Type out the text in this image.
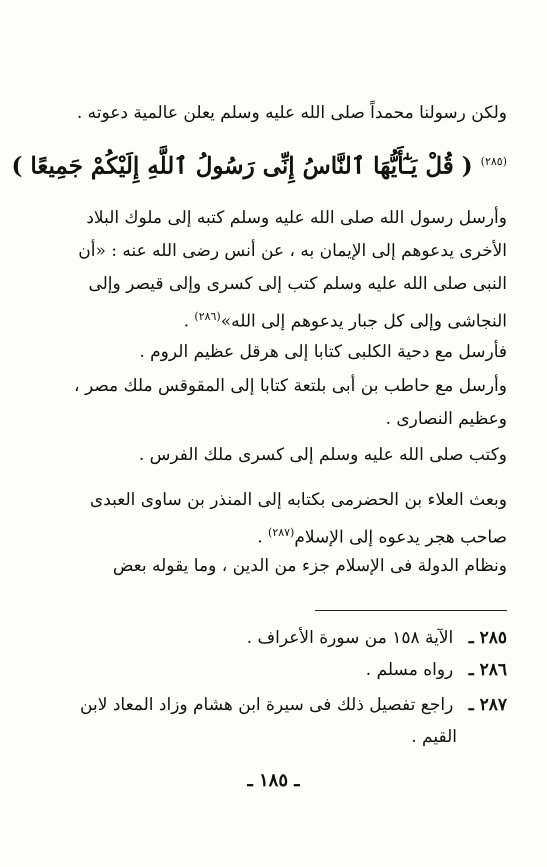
ولكن رسولنا محمداً صلى الله عليه وسلم يعلن عالمية دعوته .
$^{(٢٨٥)}$ ( قُلْ يَـٰٓأَيُّهَا ٱلنَّاسُ إِنِّى رَسُولُ ٱللَّهِ إِلَيْكُمْ جَمِيعًا )
وأرسل رسول الله صلى الله عليه وسلم كتبه إلى ملوك البلاد
الأخرى يدعوهم إلى الإيمان به ، عن أنس رضى الله عنه : «أن
النبى صلى الله عليه وسلم كتب إلى كسرى وإلى قيصر وإلى
النجاشى وإلى كل جبار يدعوهم إلى الله»$^{(٢٨٦)}$ .
فأرسل مع دحية الكلبى كتابا إلى هرقل عظيم الروم .
وأرسل مع حاطب بن أبى بلتعة كتابا إلى المقوقس ملك مصر ،
وعظيم النصارى .
وكتب صلى الله عليه وسلم إلى كسرى ملك الفرس .
وبعث العلاء بن الحضرمى بكتابه إلى المنذر بن ساوى العبدى
صاحب هجر يدعوه إلى الإسلام$^{(٢٨٧)}$ .
ونظام الدولة فى الإسلام جزء من الدين ، وما يقوله بعض
٢٨٥ ـ الآية ١٥٨ من سورة الأعراف .
٢٨٦ ـ رواه مسلم .
٢٨٧ ـ راجع تفصيل ذلك فى سيرة ابن هشام وزاد المعاد لابن
القيم .
ـ ١٨٥ ـ
